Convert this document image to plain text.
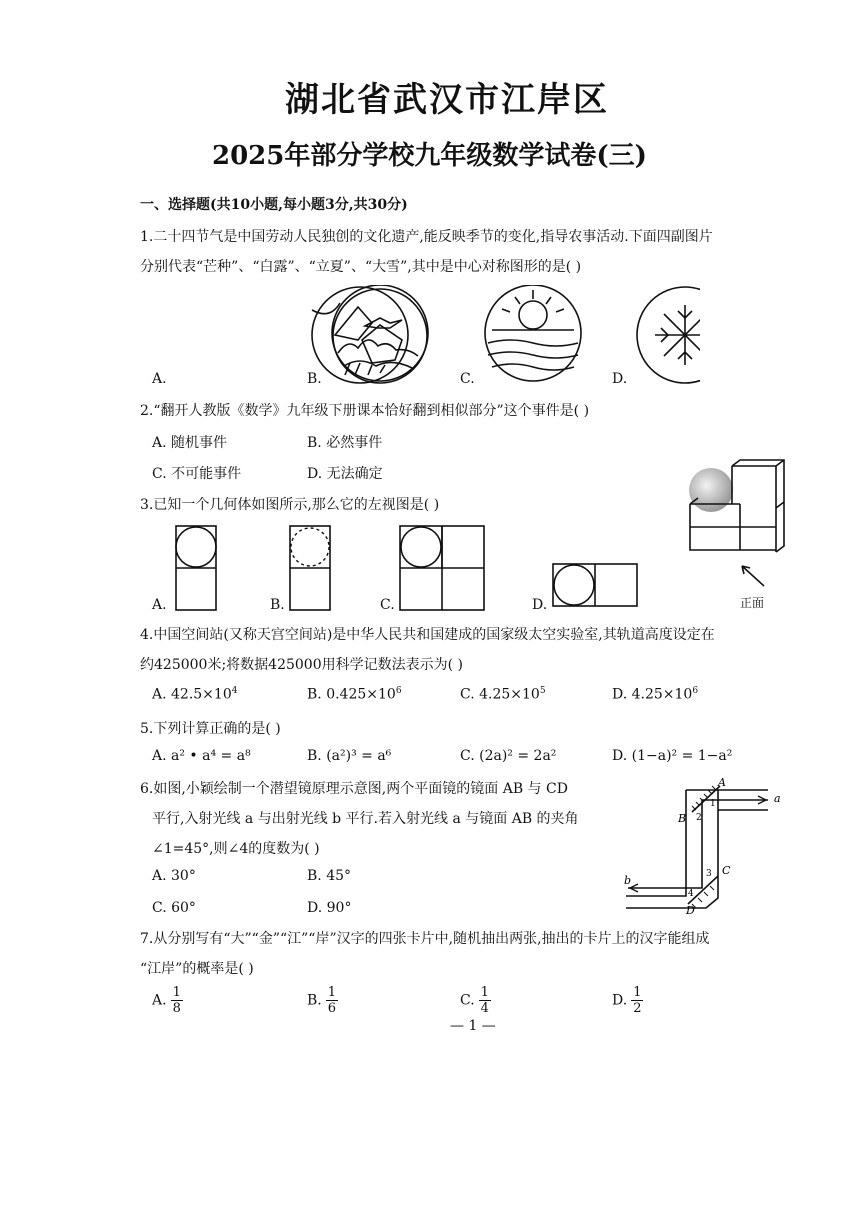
湖北省武汉市江岸区
2025年部分学校九年级数学试卷(三)
一、选择题(共10小题,每小题3分,共30分)
1.二十四节气是中国劳动人民独创的文化遗产,能反映季节的变化,指导农事活动.下面四副图片
分别代表“芒种”、“白露”、“立夏”、“大雪”,其中是中心对称图形的是( )
A.	B.	C.	D.
2.“翻开人教版《数学》九年级下册课本恰好翻到相似部分”这个事件是( )
A. 随机事件	B. 必然事件
C. 不可能事件	D. 无法确定
正面
3.已知一个几何体如图所示,那么它的左视图是( )
A.	B.	C.	D.
4.中国空间站(又称天宫空间站)是中华人民共和国建成的国家级太空实验室,其轨道高度设定在
约425000米;将数据425000用科学记数法表示为( )
A. $42.5\times 10^4$	B. $0.425\times 10^6$	C. $4.25\times 10^5$	D. $4.25\times 10^6$
5.下列计算正确的是( )
A. a² • a⁴ = a⁸	B. (a²)³ = a⁶	C. (2a)² = 2a²	D. (1−a)² = 1−a²
6.如图,小颖绘制一个潜望镜原理示意图,两个平面镜的镜面 AB 与 CD
平行,入射光线 a 与出射光线 b 平行.若入射光线 a 与镜面 AB 的夹角
∠1=45°,则∠4的度数为( )
A. 30°	B. 45°
C. 60°	D. 90°
A
B
C
D
a
b
1
2
3
4
7.从分别写有“大”“金”“江”“岸”汉字的四张卡片中,随机抽出两张,抽出的卡片上的汉字能组成
“江岸”的概率是( )
A. $\frac{1}{8}$	B. $\frac{1}{6}$	C. $\frac{1}{4}$	D. $\frac{1}{2}$
— 1 —
